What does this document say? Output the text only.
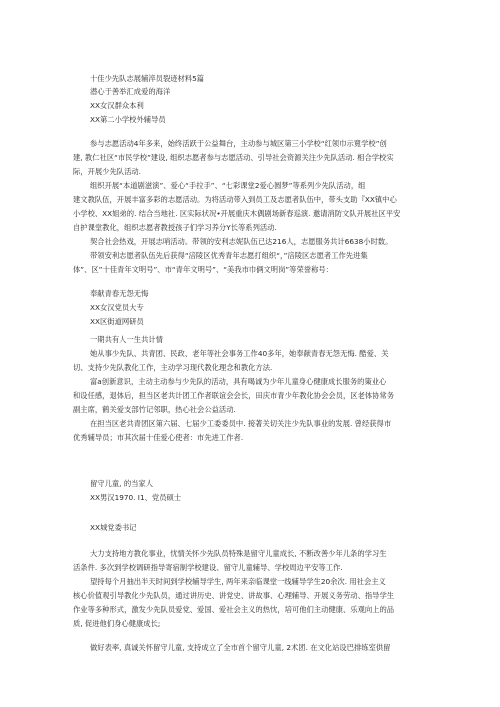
十佳少先队志展辅淬员裂迹材料5篇
潜心于善举汇成爱的海洋
XX女汉群众本利
XX第二小学校外辅导员
参与志愿活动4年多来，始终活跃于公益舞台，主动参与城区第三小学校“红领巾示寬学校”创
建, 教仁社区“市民学校”建设, 组织志愿者参与志愿活动、引导社会资源关注少先队活动. 相合学校实
际，开展少先队活动.
组织开展“本道剧滋演”、爱心“手拉手”、“七彩课堂2爱心圆梦”等系列少先队活动，组
建文教队伍，开展丰富多彩的志愿活动。为将活动带入到员工及志愿者队伍中，带头支助『XX镇中心
小学校、XX姐弟的. 结合当地社. 区实际状况•开展重庆木偶剧场新春巡演. 邀请消防文队开展社区平安
自护课堂教化，组织志愿者教授孩子们学习养分Y长等系列活动.
契合社会热戏，开展志哨活动。带领的安利志妮队伍已达216人，志愿服务共计6638小时数。
带领安利志愿者队伍先后获得“涪陵区优秀青年志愿打组织“，”涪陵区志愿者工作先进集
体”、区”十佳青年文明号”、市“青年文明号”、“美我市巾俩文明岗”等荣誉称号：
奉献青春无怨无悔
XX女汉党员大专
XX区街道网研员
一期共有人一生共计情
她从事少先队、共青团、民政、老年等社会事务工作40多年，她奉献青春无怨无悔. 酷爱、关
切、支持少先队教化工作，主动学习现代教化理念和教化方法.
富a创新意识，主动主动参与少先队的活动，具有喝诚为少年儿童身心健康成长服务的策业心
和设任感，退体后，担当区老共计团工作者联谊会会长，田庆市青少年教化协会会员，区老体协常务
副主席，鹤关爱支部竹记邻职，热心社会公益活动.
在担当区老共青团区第六届、七届少工委委员中. 接著关切关注少先队事业的发展. 曾经获得市
优秀辅导员；市其次届十佳爱心使者：市先进工作者.
留守儿童, 的当家人
XX男汉1970. I1、党员硕士
XX城党委书记
大力支持地方教化事业，忧情关怀少先队员特殊是留守儿童成长, 不断改善少年儿条的学习生
活条件. 多次到学校调研指导寄宿制学校建设、留守儿童辅导、学校周边平安等工作.
望持每个月抽出半天时间到学校辅导学生, 两年来亲临课堂一线辅导学生20余次. 用社会主义
核心价值观引导教化少先队员，通过讲历史、讲党史、讲故事、心理辅导、开展义务劳动、指导学生
作业等多种形式，激发少先队员爱党、爱国、爱社会主义的热忱，培可他们主动健康、乐观向上的品
质, 促进他们身心健康成长;
做好表率, 真诚关怀留守儿童, 支持成立了全市首个留守儿童, 2术团. 在文化站设巴排练室供留
